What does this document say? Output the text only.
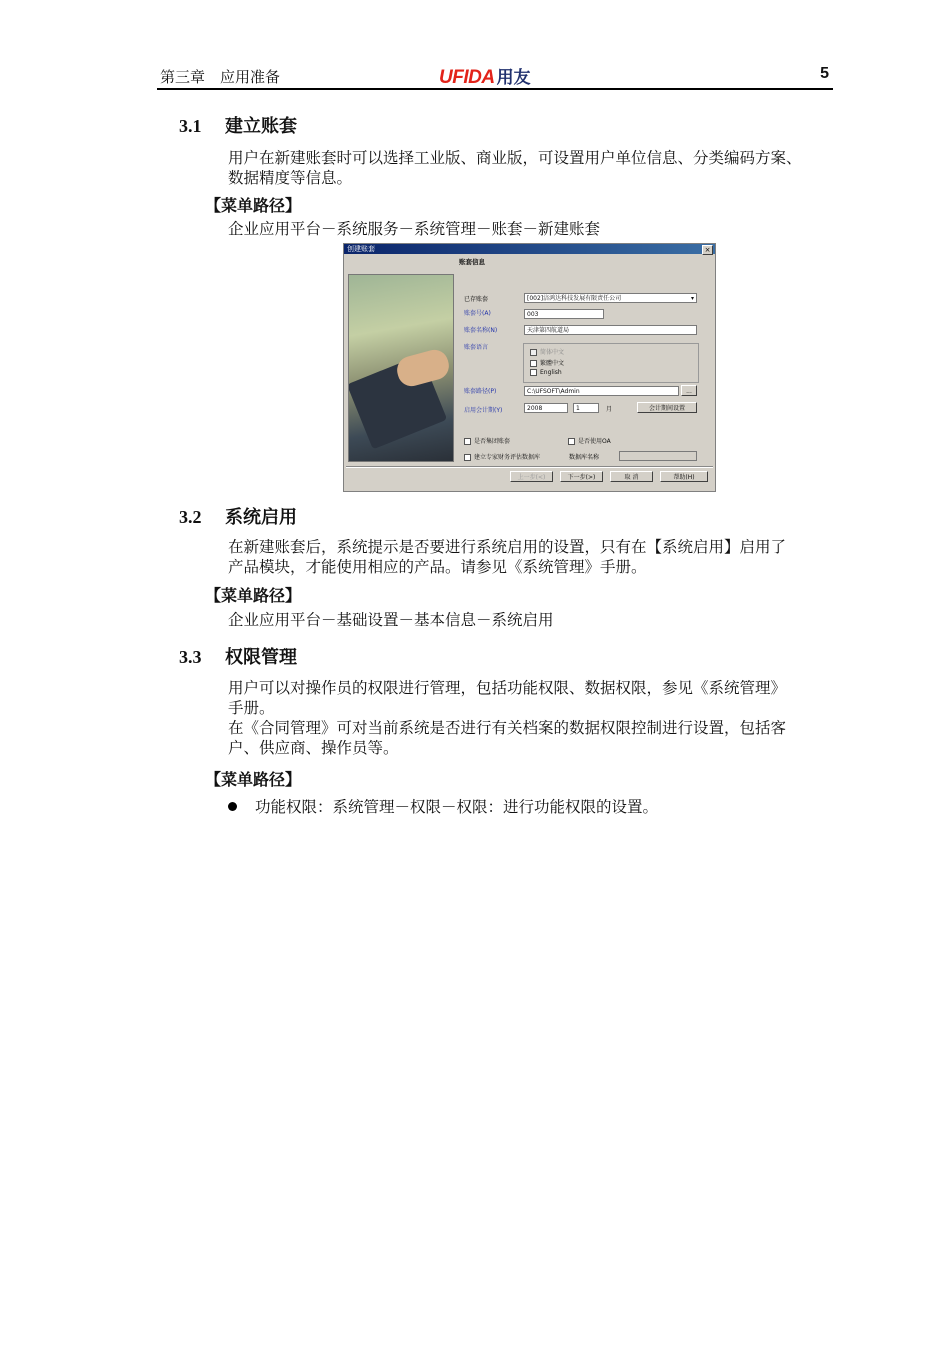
第三章　应用准备	UFIDA 用友	5
3.1 建立账套
用户在新建账套时可以选择工业版、商业版，可设置用户单位信息、分类编码方案、
数据精度等信息。
【菜单路径】
企业应用平台－系统服务－系统管理－账套－新建账套
创建账套	×
账套信息
已存账套	[002]涪鸿达科技发展有限责任公司	▾
账套号(A)	003
账套名称(N)	天津第四航道局
账套语言
简体中文
繁體中文
English
账套路径(P)	C:\UFSOFT\Admin	...
启用会计期(Y)	2008	1	月	会计期间设置
是否集团账套	是否使用OA
建立专家财务评估数据库	数据库名称
上一步(<)	下一步(>)	取 消	帮助(H)
3.2 系统启用
在新建账套后，系统提示是否要进行系统启用的设置，只有在【系统启用】启用了
产品模块，才能使用相应的产品。请参见《系统管理》手册。
【菜单路径】
企业应用平台－基础设置－基本信息－系统启用
3.3 权限管理
用户可以对操作员的权限进行管理，包括功能权限、数据权限，参见《系统管理》
手册。
在《合同管理》可对当前系统是否进行有关档案的数据权限控制进行设置，包括客
户、供应商、操作员等。
【菜单路径】
功能权限：系统管理－权限－权限：进行功能权限的设置。
